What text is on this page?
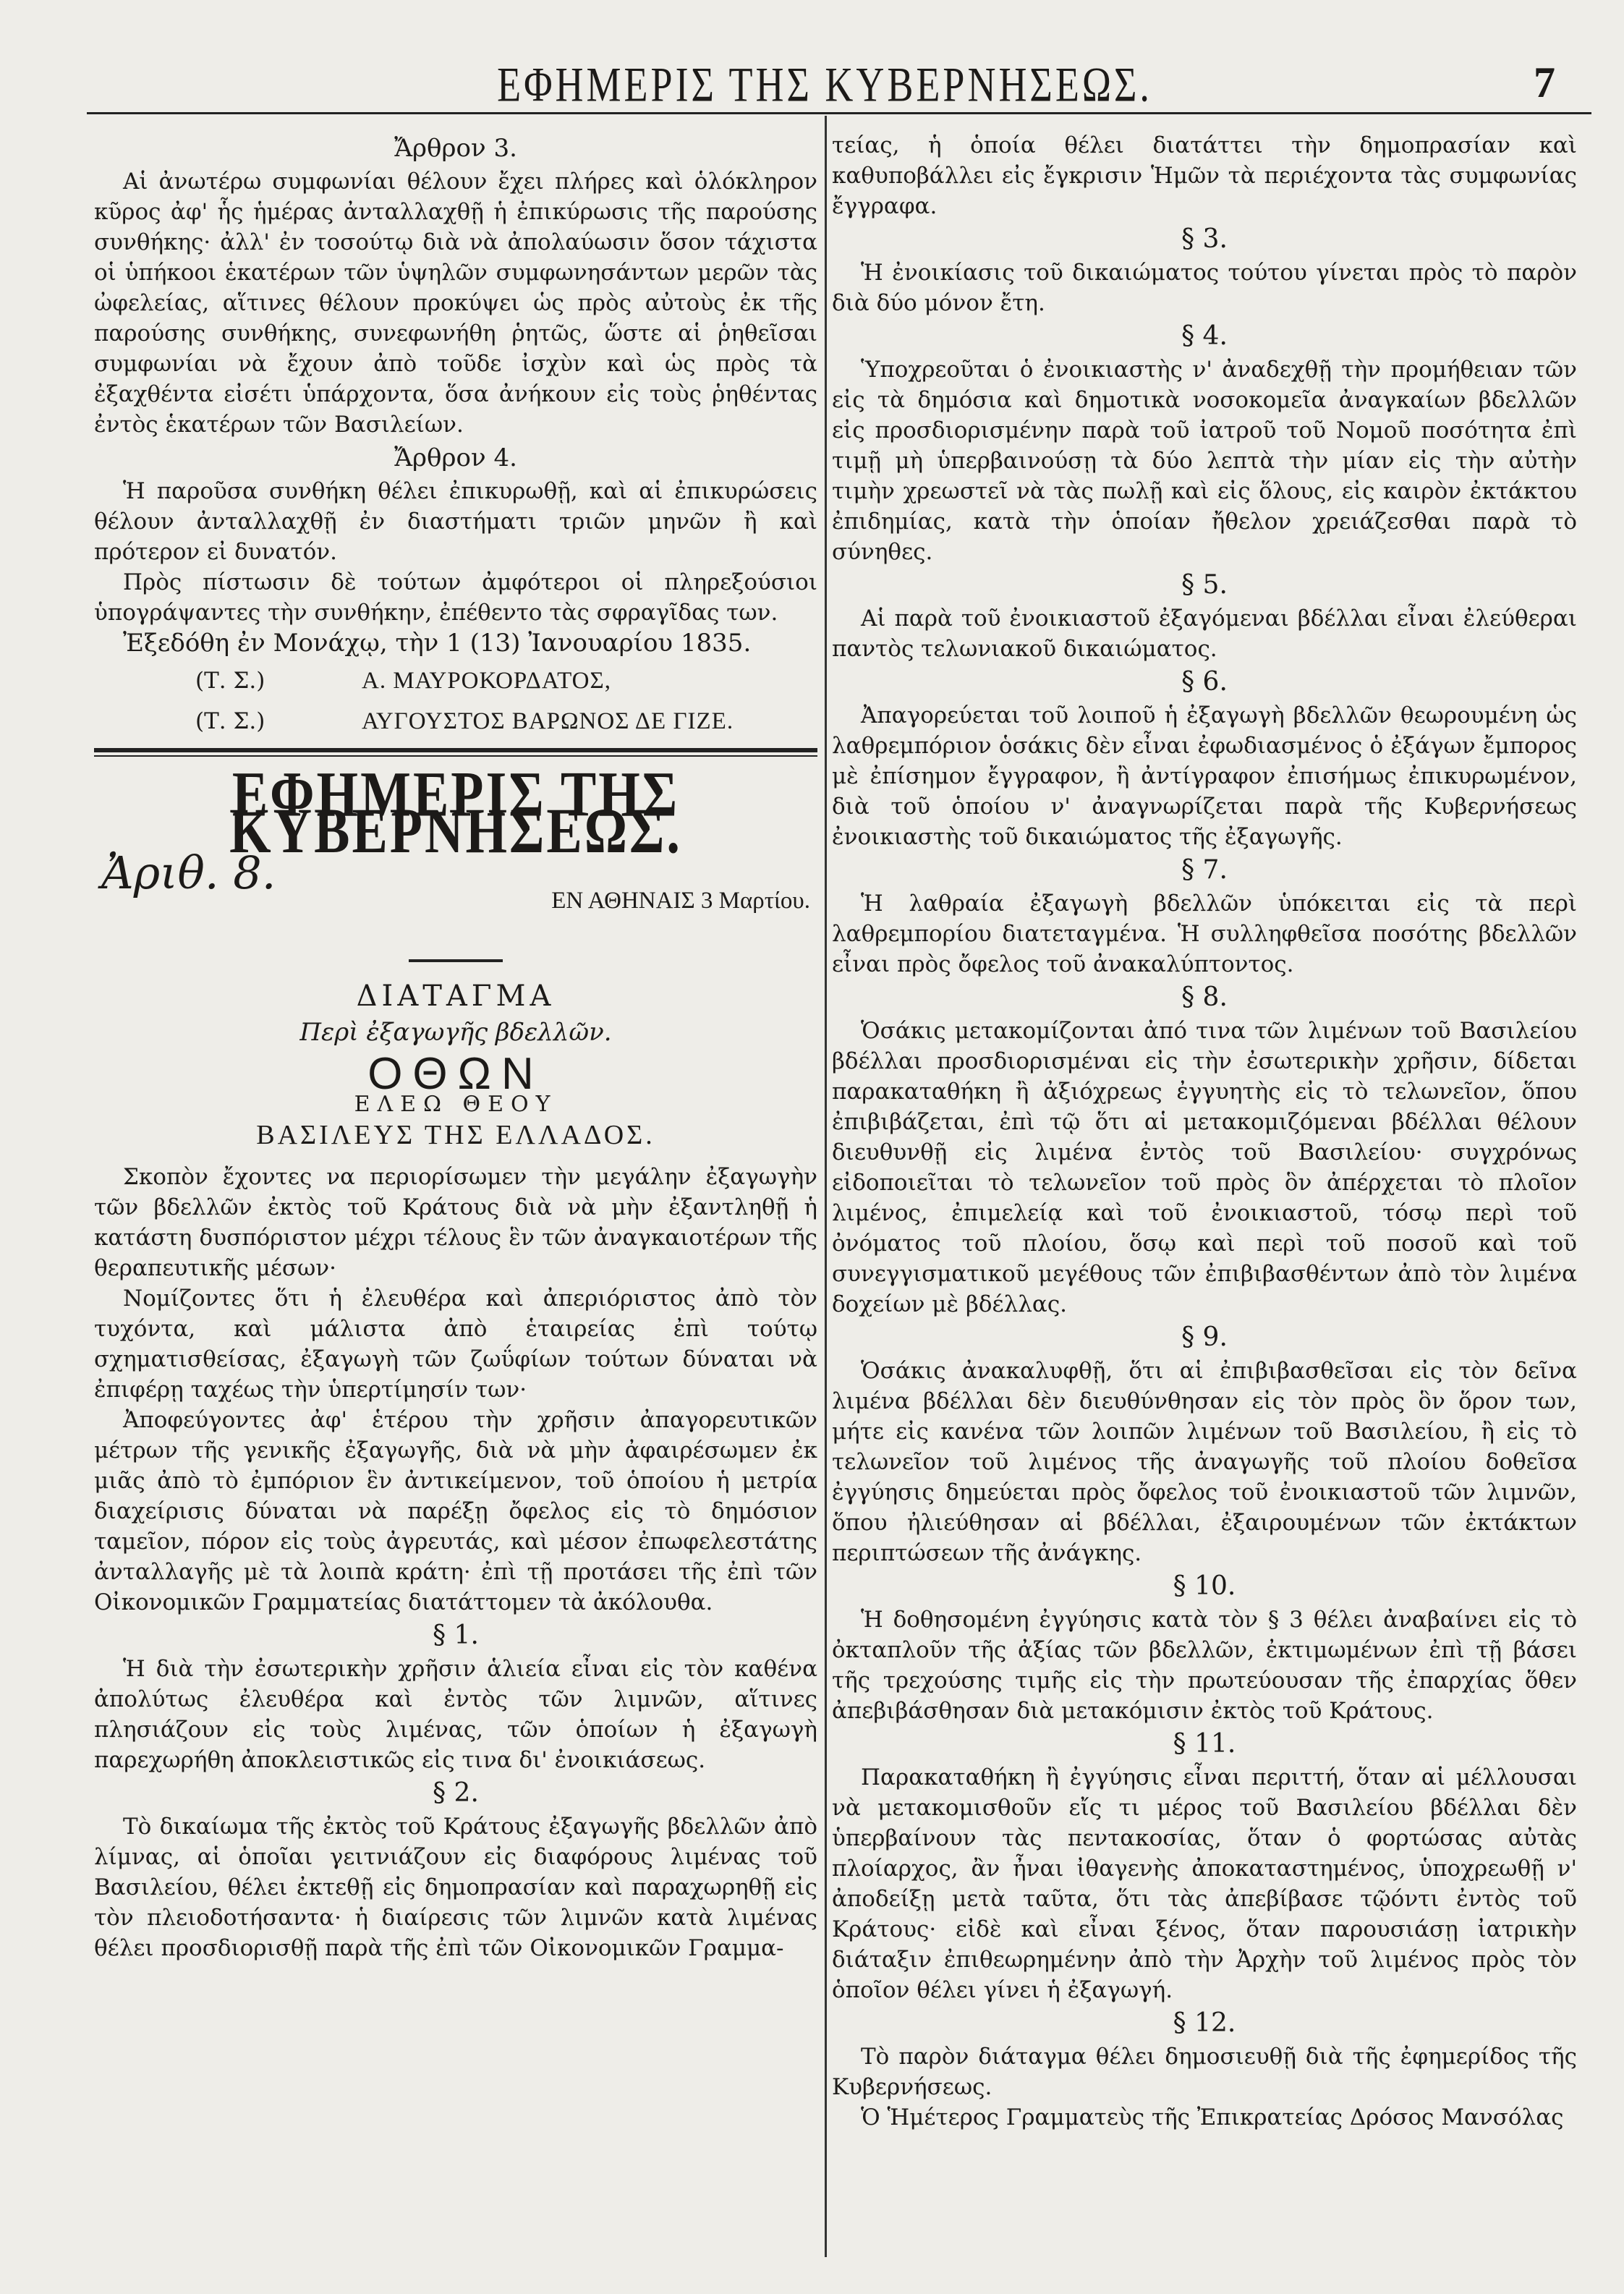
ΕΦΗΜΕΡΙΣ ΤΗΣ ΚΥΒΕΡΝΗΣΕΩΣ.	7
Ἄρθρον 3.

Αἱ ἀνωτέρω συμφωνίαι θέλουν ἔχει πλήρες καὶ ὁλόκληρον κῦρος ἀφ' ἧς ἡμέρας ἀνταλλαχθῇ ἡ ἐπικύρωσις τῆς παρούσης συνθήκης· ἀλλ' ἐν τοσούτῳ διὰ νὰ ἀπολαύωσιν ὅσον τάχιστα οἱ ὑπήκοοι ἑκατέρων τῶν ὑψηλῶν συμφωνησάντων μερῶν τὰς ὠφελείας, αἵτινες θέλουν προκύψει ὡς πρὸς αὐτοὺς ἐκ τῆς παρούσης συνθήκης, συνεφωνήθη ῥητῶς, ὥστε αἱ ῥηθεῖσαι συμφωνίαι νὰ ἔχουν ἀπὸ τοῦδε ἰσχὺν καὶ ὡς πρὸς τὰ ἐξαχθέντα εἰσέτι ὑπάρχοντα, ὅσα ἀνήκουν εἰς τοὺς ῥηθέντας ἐντὸς ἑκατέρων τῶν Βασιλείων.

Ἄρθρον 4.

Ἡ παροῦσα συνθήκη θέλει ἐπικυρωθῇ, καὶ αἱ ἐπικυρώσεις θέλουν ἀνταλλαχθῇ ἐν διαστήματι τριῶν μηνῶν ἢ καὶ πρότερον εἰ δυνατόν.

Πρὸς πίστωσιν δὲ τούτων ἀμφότεροι οἱ πληρεξούσιοι ὑπογράψαντες τὴν συνθήκην, ἐπέθεντο τὰς σφραγῖδας των.

Ἐξεδόθη ἐν Μονάχῳ, τὴν 1 (13) Ἰανουαρίου 1835.

(Τ. Σ.)	Α. ΜΑΥΡΟΚΟΡΔΑΤΟΣ,
(Τ. Σ.)	ΑΥΓΟΥΣΤΟΣ ΒΑΡΩΝΟΣ ΔΕ ΓΙΖΕ.
ΕΦΗΜΕΡΙΣ ΤΗΣ ΚΥΒΕΡΝΗΣΕΩΣ.
Ἀριθ. 8.
ΕΝ ΑΘΗΝΑΙΣ 3 Μαρτίου.
ΔΙΑΤΑΓΜΑ
Περὶ ἐξαγωγῆς βδελλῶν.
ΟΘΩΝ
ΕΛΕΩ ΘΕΟΥ
ΒΑΣΙΛΕΥΣ ΤΗΣ ΕΛΛΑΔΟΣ.

Σκοπὸν ἔχοντες να περιορίσωμεν τὴν μεγάλην ἐξαγωγὴν τῶν βδελλῶν ἐκτὸς τοῦ Κράτους διὰ νὰ μὴν ἐξαντληθῇ ἡ κατάστη δυσπόριστον μέχρι τέλους ἓν τῶν ἀναγκαιοτέρων τῆς θεραπευτικῆς μέσων·

Νομίζοντες ὅτι ἡ ἐλευθέρα καὶ ἀπεριόριστος ἀπὸ τὸν τυχόντα, καὶ μάλιστα ἀπὸ ἑταιρείας ἐπὶ τούτῳ σχηματισθείσας, ἐξαγωγὴ τῶν ζωΰφίων τούτων δύναται νὰ ἐπιφέρῃ ταχέως τὴν ὑπερτίμησίν των·

Ἀποφεύγοντες ἀφ' ἑτέρου τὴν χρῆσιν ἀπαγορευτικῶν μέτρων τῆς γενικῆς ἐξαγωγῆς, διὰ νὰ μὴν ἀφαιρέσωμεν ἐκ μιᾶς ἀπὸ τὸ ἐμπόριον ἓν ἀντικείμενον, τοῦ ὁποίου ἡ μετρία διαχείρισις δύναται νὰ παρέξῃ ὄφελος εἰς τὸ δημόσιον ταμεῖον, πόρον εἰς τοὺς ἀγρευτάς, καὶ μέσον ἐπωφελεστάτης ἀνταλλαγῆς μὲ τὰ λοιπὰ κράτη· ἐπὶ τῇ προτάσει τῆς ἐπὶ τῶν Οἰκονομικῶν Γραμματείας διατάττομεν τὰ ἀκόλουθα.

§ 1.

Ἡ διὰ τὴν ἐσωτερικὴν χρῆσιν ἁλιεία εἶναι εἰς τὸν καθένα ἀπολύτως ἐλευθέρα καὶ ἐντὸς τῶν λιμνῶν, αἵτινες πλησιάζουν εἰς τοὺς λιμένας, τῶν ὁποίων ἡ ἐξαγωγὴ παρεχωρήθη ἀποκλειστικῶς εἰς τινα δι' ἐνοικιάσεως.

§ 2.

Τὸ δικαίωμα τῆς ἐκτὸς τοῦ Κράτους ἐξαγωγῆς βδελλῶν ἀπὸ λίμνας, αἱ ὁποῖαι γειτνιάζουν εἰς διαφόρους λιμένας τοῦ Βασιλείου, θέλει ἐκτεθῇ εἰς δημοπρασίαν καὶ παραχωρηθῇ εἰς τὸν πλειοδοτήσαντα· ἡ διαίρεσις τῶν λιμνῶν κατὰ λιμένας θέλει προσδιορισθῇ παρὰ τῆς ἐπὶ τῶν Οἰκονομικῶν Γραμμα-

τείας, ἡ ὁποία θέλει διατάττει τὴν δημοπρασίαν καὶ καθυποβάλλει εἰς ἔγκρισιν Ἡμῶν τὰ περιέχοντα τὰς συμφωνίας ἔγγραφα.

§ 3.

Ἡ ἐνοικίασις τοῦ δικαιώματος τούτου γίνεται πρὸς τὸ παρὸν διὰ δύο μόνον ἔτη.

§ 4.

Ὑποχρεοῦται ὁ ἐνοικιαστὴς ν' ἀναδεχθῇ τὴν προμήθειαν τῶν εἰς τὰ δημόσια καὶ δημοτικὰ νοσοκομεῖα ἀναγκαίων βδελλῶν εἰς προσδιορισμένην παρὰ τοῦ ἰατροῦ τοῦ Νομοῦ ποσότητα ἐπὶ τιμῇ μὴ ὑπερβαινούσῃ τὰ δύο λεπτὰ τὴν μίαν εἰς τὴν αὐτὴν τιμὴν χρεωστεῖ νὰ τὰς πωλῇ καὶ εἰς ὅλους, εἰς καιρὸν ἐκτάκτου ἐπιδημίας, κατὰ τὴν ὁποίαν ἤθελον χρειάζεσθαι παρὰ τὸ σύνηθες.

§ 5.

Αἱ παρὰ τοῦ ἐνοικιαστοῦ ἐξαγόμεναι βδέλλαι εἶναι ἐλεύθεραι παντὸς τελωνιακοῦ δικαιώματος.

§ 6.

Ἀπαγορεύεται τοῦ λοιποῦ ἡ ἐξαγωγὴ βδελλῶν θεωρουμένη ὡς λαθρεμπόριον ὁσάκις δὲν εἶναι ἐφωδιασμένος ὁ ἐξάγων ἔμπορος μὲ ἐπίσημον ἔγγραφον, ἢ ἀντίγραφον ἐπισήμως ἐπικυρωμένον, διὰ τοῦ ὁποίου ν' ἀναγνωρίζεται παρὰ τῆς Κυβερνήσεως ἐνοικιαστὴς τοῦ δικαιώματος τῆς ἐξαγωγῆς.

§ 7.

Ἡ λαθραία ἐξαγωγὴ βδελλῶν ὑπόκειται εἰς τὰ περὶ λαθρεμπορίου διατεταγμένα. Ἡ συλληφθεῖσα ποσότης βδελλῶν εἶναι πρὸς ὄφελος τοῦ ἀνακαλύπτοντος.

§ 8.

Ὁσάκις μετακομίζονται ἀπό τινα τῶν λιμένων τοῦ Βασιλείου βδέλλαι προσδιορισμέναι εἰς τὴν ἐσωτερικὴν χρῆσιν, δίδεται παρακαταθήκη ἢ ἀξιόχρεως ἐγγυητὴς εἰς τὸ τελωνεῖον, ὅπου ἐπιβιβάζεται, ἐπὶ τῷ ὅτι αἱ μετακομιζόμεναι βδέλλαι θέλουν διευθυνθῇ εἰς λιμένα ἐντὸς τοῦ Βασιλείου· συγχρόνως εἰδοποιεῖται τὸ τελωνεῖον τοῦ πρὸς ὃν ἀπέρχεται τὸ πλοῖον λιμένος, ἐπιμελείᾳ καὶ τοῦ ἐνοικιαστοῦ, τόσῳ περὶ τοῦ ὀνόματος τοῦ πλοίου, ὅσῳ καὶ περὶ τοῦ ποσοῦ καὶ τοῦ συνεγγισματικοῦ μεγέθους τῶν ἐπιβιβασθέντων ἀπὸ τὸν λιμένα δοχείων μὲ βδέλλας.

§ 9.

Ὁσάκις ἀνακαλυφθῇ, ὅτι αἱ ἐπιβιβασθεῖσαι εἰς τὸν δεῖνα λιμένα βδέλλαι δὲν διευθύνθησαν εἰς τὸν πρὸς ὃν ὅρον των, μήτε εἰς κανένα τῶν λοιπῶν λιμένων τοῦ Βασιλείου, ἢ εἰς τὸ τελωνεῖον τοῦ λιμένος τῆς ἀναγωγῆς τοῦ πλοίου δοθεῖσα ἐγγύησις δημεύεται πρὸς ὄφελος τοῦ ἐνοικιαστοῦ τῶν λιμνῶν, ὅπου ἠλιεύθησαν αἱ βδέλλαι, ἐξαιρουμένων τῶν ἐκτάκτων περιπτώσεων τῆς ἀνάγκης.

§ 10.

Ἡ δοθησομένη ἐγγύησις κατὰ τὸν § 3 θέλει ἀναβαίνει εἰς τὸ ὀκταπλοῦν τῆς ἀξίας τῶν βδελλῶν, ἐκτιμωμένων ἐπὶ τῇ βάσει τῆς τρεχούσης τιμῆς εἰς τὴν πρωτεύουσαν τῆς ἐπαρχίας ὅθεν ἀπεβιβάσθησαν διὰ μετακόμισιν ἐκτὸς τοῦ Κράτους.

§ 11.

Παρακαταθήκη ἢ ἐγγύησις εἶναι περιττή, ὅταν αἱ μέλλουσαι νὰ μετακομισθοῦν εἴς τι μέρος τοῦ Βασιλείου βδέλλαι δὲν ὑπερβαίνουν τὰς πεντακοσίας, ὅταν ὁ φορτώσας αὐτὰς πλοίαρχος, ἂν ἦναι ἰθαγενὴς ἀποκαταστημένος, ὑποχρεωθῇ ν' ἀποδείξῃ μετὰ ταῦτα, ὅτι τὰς ἀπεβίβασε τῷόντι ἐντὸς τοῦ Κράτους· εἰδὲ καὶ εἶναι ξένος, ὅταν παρουσιάσῃ ἰατρικὴν διάταξιν ἐπιθεωρημένην ἀπὸ τὴν Ἀρχὴν τοῦ λιμένος πρὸς τὸν ὁποῖον θέλει γίνει ἡ ἐξαγωγή.

§ 12.

Τὸ παρὸν διάταγμα θέλει δημοσιευθῇ διὰ τῆς ἐφημερίδος τῆς Κυβερνήσεως.

Ὁ Ἡμέτερος Γραμματεὺς τῆς Ἐπικρατείας Δρόσος Μανσόλας
